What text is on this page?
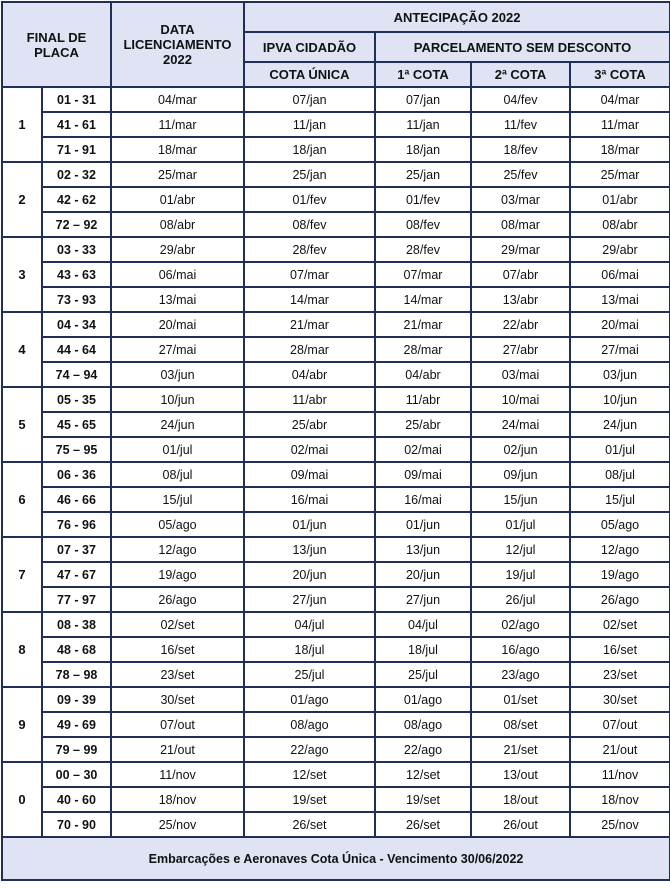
FINAL DE
PLACA		DATA
LICENCIAMENTO
2022	ANTECIPAÇÃO 2022			
			IPVA CIDADÃO	PARCELAMENTO SEM DESCONTO		
			COTA ÚNICA	1ª COTA	2ª COTA	3ª COTA
1	01 - 31	04/mar	07/jan	07/jan	04/fev	04/mar
	41 - 61	11/mar	11/jan	11/jan	11/fev	11/mar
	71 - 91	18/mar	18/jan	18/jan	18/fev	18/mar
2	02 - 32	25/mar	25/jan	25/jan	25/fev	25/mar
	42 - 62	01/abr	01/fev	01/fev	03/mar	01/abr
	72 – 92	08/abr	08/fev	08/fev	08/mar	08/abr
3	03 - 33	29/abr	28/fev	28/fev	29/mar	29/abr
	43 - 63	06/mai	07/mar	07/mar	07/abr	06/mai
	73 - 93	13/mai	14/mar	14/mar	13/abr	13/mai
4	04 - 34	20/mai	21/mar	21/mar	22/abr	20/mai
	44 - 64	27/mai	28/mar	28/mar	27/abr	27/mai
	74 – 94	03/jun	04/abr	04/abr	03/mai	03/jun
5	05 - 35	10/jun	11/abr	11/abr	10/mai	10/jun
	45 - 65	24/jun	25/abr	25/abr	24/mai	24/jun
	75 – 95	01/jul	02/mai	02/mai	02/jun	01/jul
6	06 - 36	08/jul	09/mai	09/mai	09/jun	08/jul
	46 - 66	15/jul	16/mai	16/mai	15/jun	15/jul
	76 - 96	05/ago	01/jun	01/jun	01/jul	05/ago
7	07 - 37	12/ago	13/jun	13/jun	12/jul	12/ago
	47 - 67	19/ago	20/jun	20/jun	19/jul	19/ago
	77 - 97	26/ago	27/jun	27/jun	26/jul	26/ago
8	08 - 38	02/set	04/jul	04/jul	02/ago	02/set
	48 - 68	16/set	18/jul	18/jul	16/ago	16/set
	78 – 98	23/set	25/jul	25/jul	23/ago	23/set
9	09 - 39	30/set	01/ago	01/ago	01/set	30/set
	49 - 69	07/out	08/ago	08/ago	08/set	07/out
	79 – 99	21/out	22/ago	22/ago	21/set	21/out
0	00 – 30	11/nov	12/set	12/set	13/out	11/nov
	40 - 60	18/nov	19/set	19/set	18/out	18/nov
	70 - 90	25/nov	26/set	26/set	26/out	25/nov
Embarcações e Aeronaves Cota Única - Vencimento 30/06/2022						
